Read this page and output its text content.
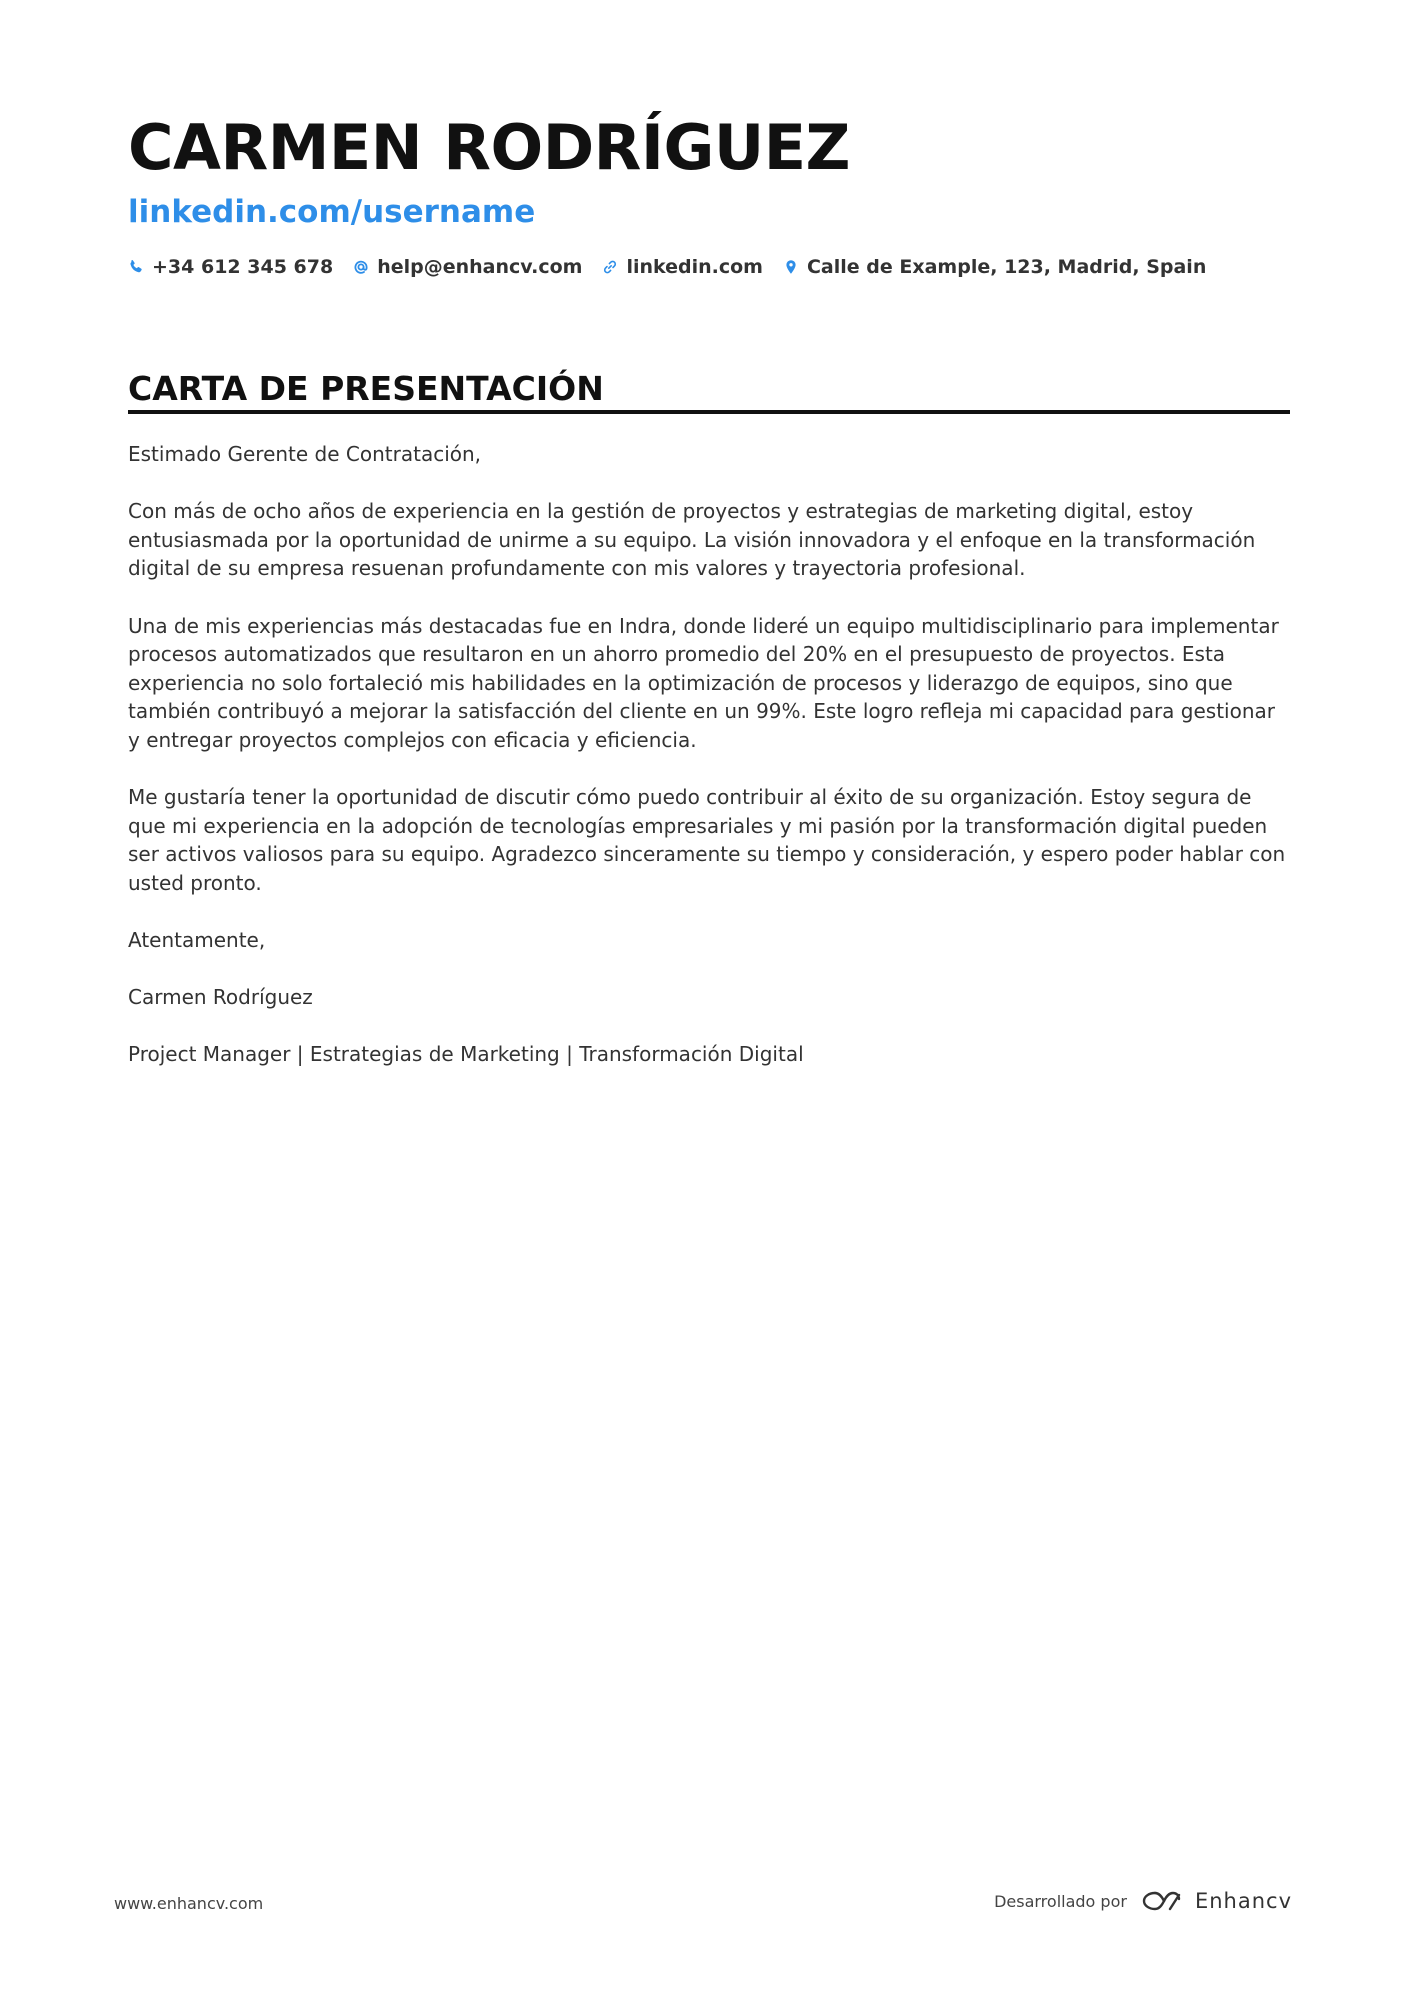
CARMEN RODRÍGUEZ
linkedin.com/username
+34 612 345 678 help@enhancv.com linkedin.com Calle de Example, 123, Madrid, Spain
CARTA DE PRESENTACIÓN

Estimado Gerente de Contratación,

Con más de ocho años de experiencia en la gestión de proyectos y estrategias de marketing digital, estoy entusiasmada por la oportunidad de unirme a su equipo. La visión innovadora y el enfoque en la transformación digital de su empresa resuenan profundamente con mis valores y trayectoria profesional.

Una de mis experiencias más destacadas fue en Indra, donde lideré un equipo multidisciplinario para implementar procesos automatizados que resultaron en un ahorro promedio del 20% en el presupuesto de proyectos. Esta experiencia no solo fortaleció mis habilidades en la optimización de procesos y liderazgo de equipos, sino que también contribuyó a mejorar la satisfacción del cliente en un 99%. Este logro refleja mi capacidad para gestionar y entregar proyectos complejos con eficacia y eficiencia.

Me gustaría tener la oportunidad de discutir cómo puedo contribuir al éxito de su organización. Estoy segura de que mi experiencia en la adopción de tecnologías empresariales y mi pasión por la transformación digital pueden ser activos valiosos para su equipo. Agradezco sinceramente su tiempo y consideración, y espero poder hablar con usted pronto.

Atentamente,

Carmen Rodríguez

Project Manager | Estrategias de Marketing | Transformación Digital

www.enhancv.com	Desarrollado por	Enhancv
